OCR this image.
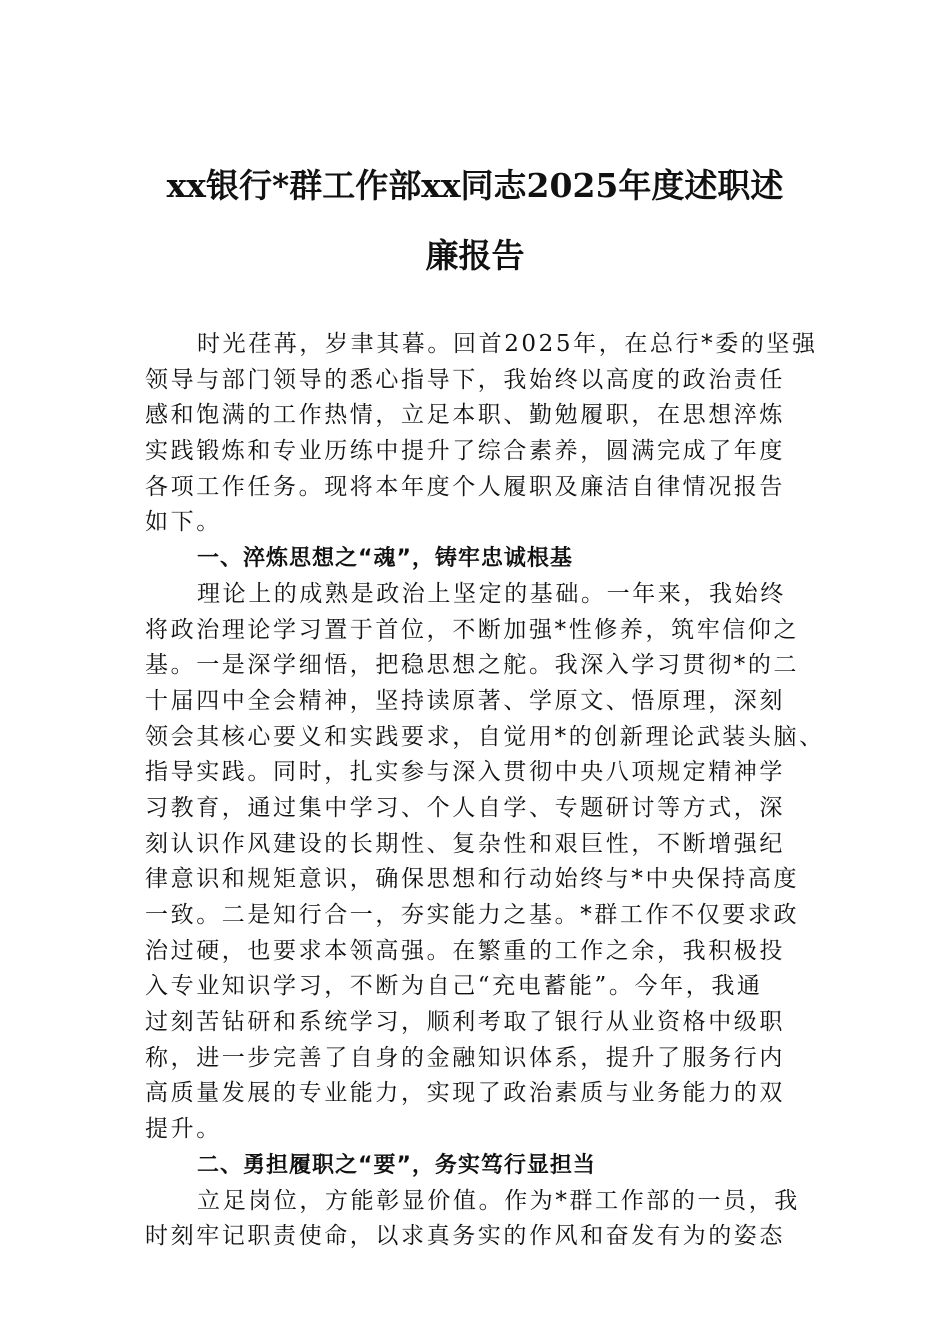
xx银行*群工作部xx同志2025年度述职述
廉报告
时光荏苒，岁聿其暮。回首2025年，在总行*委的坚强
领导与部门领导的悉心指导下，我始终以高度的政治责任
感和饱满的工作热情，立足本职、勤勉履职，在思想淬炼
实践锻炼和专业历练中提升了综合素养，圆满完成了年度
各项工作任务。现将本年度个人履职及廉洁自律情况报告
如下。
一、淬炼思想之“魂”，铸牢忠诚根基
理论上的成熟是政治上坚定的基础。一年来，我始终
将政治理论学习置于首位，不断加强*性修养，筑牢信仰之
基。一是深学细悟，把稳思想之舵。我深入学习贯彻*的二
十届四中全会精神，坚持读原著、学原文、悟原理，深刻
领会其核心要义和实践要求，自觉用*的创新理论武装头脑、
指导实践。同时，扎实参与深入贯彻中央八项规定精神学
习教育，通过集中学习、个人自学、专题研讨等方式，深
刻认识作风建设的长期性、复杂性和艰巨性，不断增强纪
律意识和规矩意识，确保思想和行动始终与*中央保持高度
一致。二是知行合一，夯实能力之基。*群工作不仅要求政
治过硬，也要求本领高强。在繁重的工作之余，我积极投
入专业知识学习，不断为自己“充电蓄能”。今年，我通
过刻苦钻研和系统学习，顺利考取了银行从业资格中级职
称，进一步完善了自身的金融知识体系，提升了服务行内
高质量发展的专业能力，实现了政治素质与业务能力的双
提升。
二、勇担履职之“要”，务实笃行显担当
立足岗位，方能彰显价值。作为*群工作部的一员，我
时刻牢记职责使命，以求真务实的作风和奋发有为的姿态
